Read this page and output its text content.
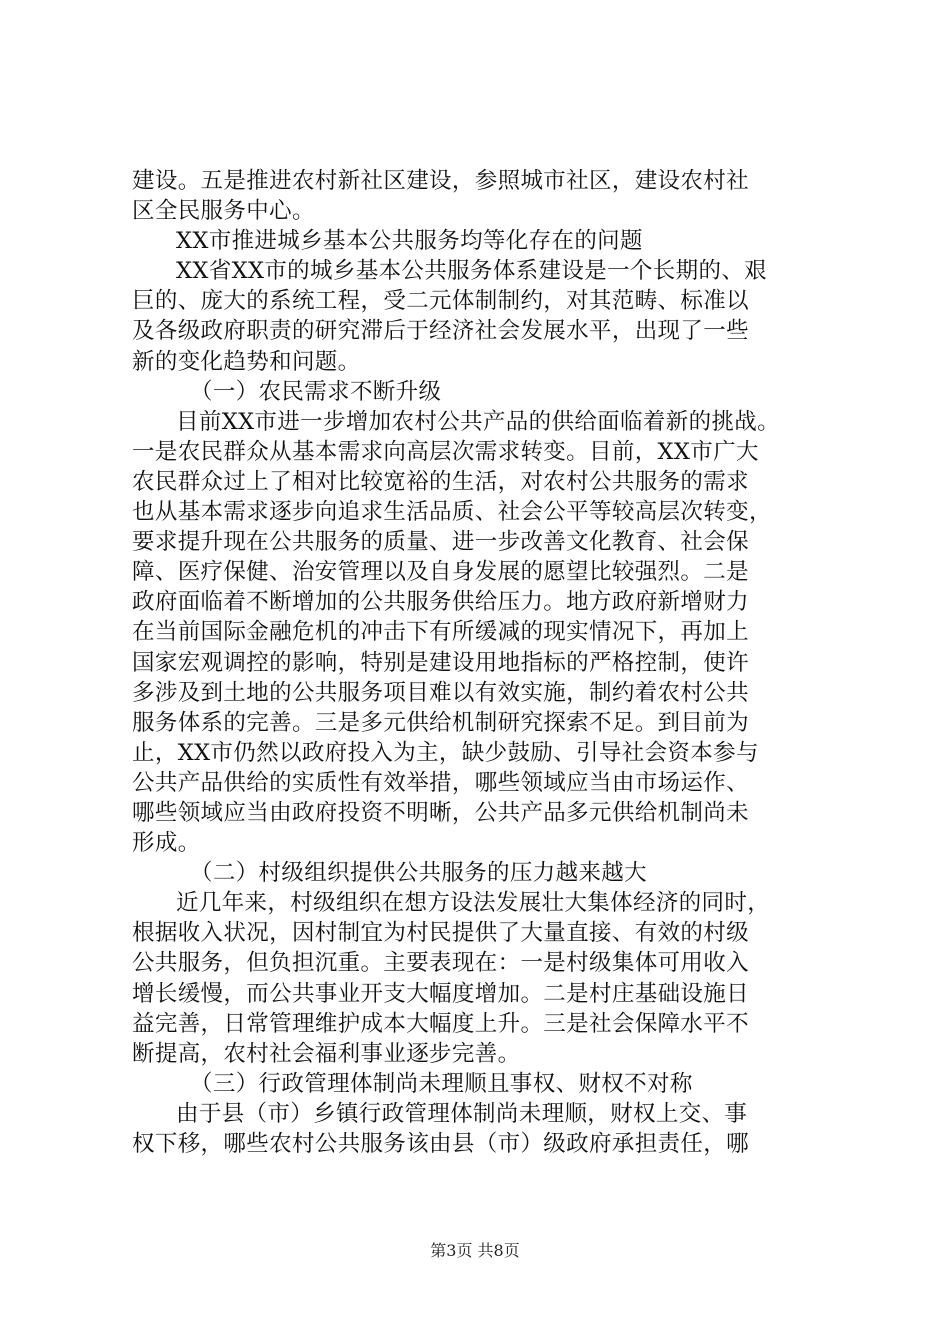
建设。五是推进农村新社区建设，参照城市社区，建设农村社
区全民服务中心。
XX市推进城乡基本公共服务均等化存在的问题
XX省XX市的城乡基本公共服务体系建设是一个长期的、艰
巨的、庞大的系统工程，受二元体制制约，对其范畴、标准以
及各级政府职责的研究滞后于经济社会发展水平，出现了一些
新的变化趋势和问题。
（一）农民需求不断升级
目前XX市进一步增加农村公共产品的供给面临着新的挑战。
一是农民群众从基本需求向高层次需求转变。目前，XX市广大
农民群众过上了相对比较宽裕的生活，对农村公共服务的需求
也从基本需求逐步向追求生活品质、社会公平等较高层次转变，
要求提升现在公共服务的质量、进一步改善文化教育、社会保
障、医疗保健、治安管理以及自身发展的愿望比较强烈。二是
政府面临着不断增加的公共服务供给压力。地方政府新增财力
在当前国际金融危机的冲击下有所缓减的现实情况下，再加上
国家宏观调控的影响，特别是建设用地指标的严格控制，使许
多涉及到土地的公共服务项目难以有效实施，制约着农村公共
服务体系的完善。三是多元供给机制研究探索不足。到目前为
止，XX市仍然以政府投入为主，缺少鼓励、引导社会资本参与
公共产品供给的实质性有效举措，哪些领域应当由市场运作、
哪些领域应当由政府投资不明晰，公共产品多元供给机制尚未
形成。
（二）村级组织提供公共服务的压力越来越大
近几年来，村级组织在想方设法发展壮大集体经济的同时，
根据收入状况，因村制宜为村民提供了大量直接、有效的村级
公共服务，但负担沉重。主要表现在：一是村级集体可用收入
增长缓慢，而公共事业开支大幅度增加。二是村庄基础设施日
益完善，日常管理维护成本大幅度上升。三是社会保障水平不
断提高，农村社会福利事业逐步完善。
（三）行政管理体制尚未理顺且事权、财权不对称
由于县（市）乡镇行政管理体制尚未理顺，财权上交、事
权下移，哪些农村公共服务该由县（市）级政府承担责任，哪
第3页 共8页
